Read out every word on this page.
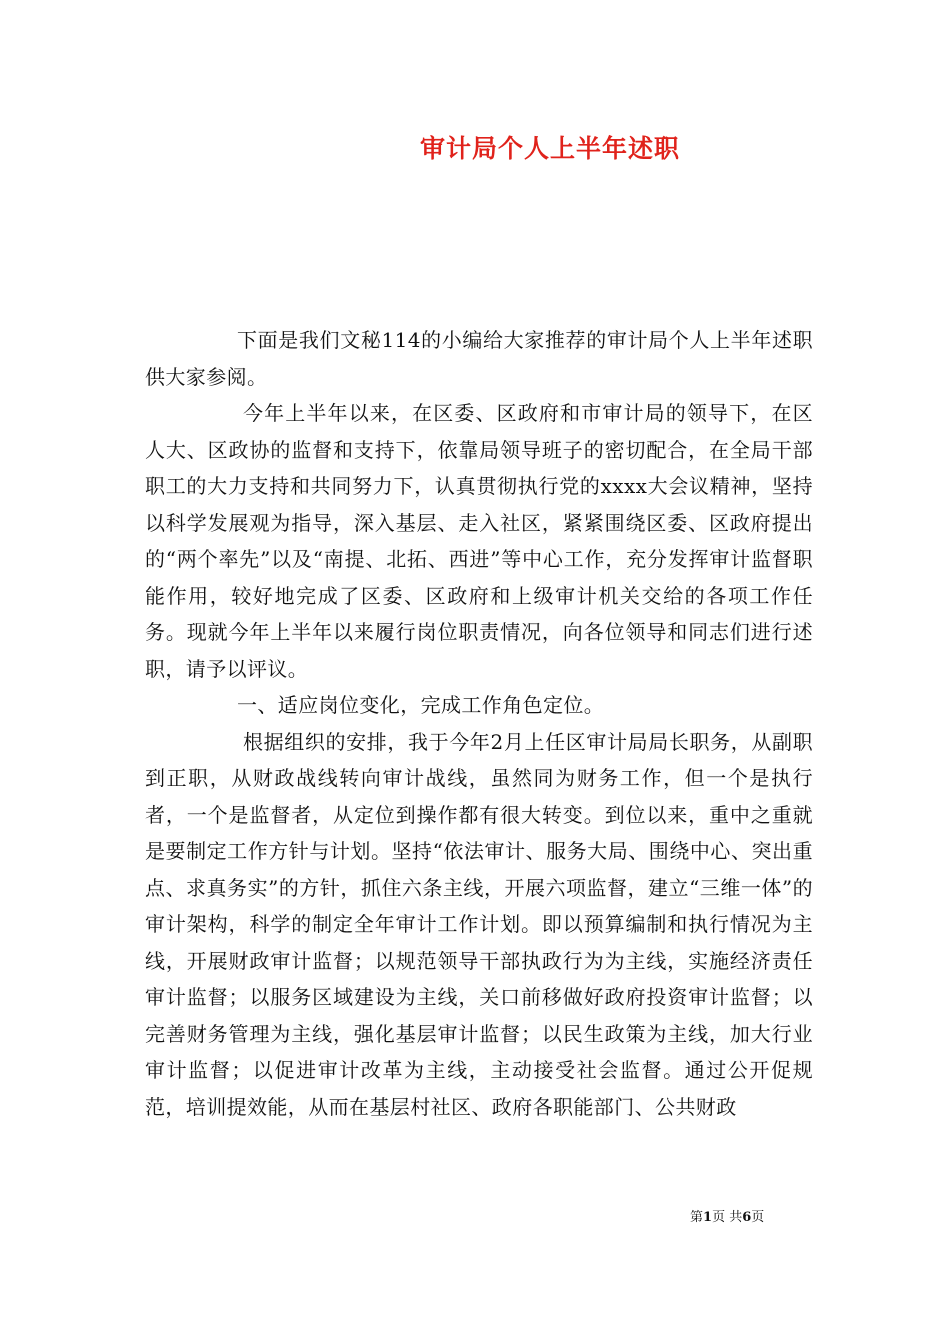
审计局个人上半年述职

下面是我们文秘114的小编给大家推荐的审计局个人上半年述职供大家参阅。

今年上半年以来，在区委、区政府和市审计局的领导下，在区人大、区政协的监督和支持下，依靠局领导班子的密切配合，在全局干部职工的大力支持和共同努力下，认真贯彻执行党的xxxx大会议精神，坚持以科学发展观为指导，深入基层、走入社区，紧紧围绕区委、区政府提出的“两个率先”以及“南提、北拓、西进”等中心工作，充分发挥审计监督职能作用，较好地完成了区委、区政府和上级审计机关交给的各项工作任务。现就今年上半年以来履行岗位职责情况，向各位领导和同志们进行述职，请予以评议。

一、适应岗位变化，完成工作角色定位。

根据组织的安排，我于今年2月上任区审计局局长职务，从副职到正职，从财政战线转向审计战线，虽然同为财务工作，但一个是执行者，一个是监督者，从定位到操作都有很大转变。到位以来，重中之重就是要制定工作方针与计划。坚持“依法审计、服务大局、围绕中心、突出重点、求真务实”的方针，抓住六条主线，开展六项监督，建立“三维一体”的审计架构，科学的制定全年审计工作计划。即以预算编制和执行情况为主线，开展财政审计监督；以规范领导干部执政行为为主线，实施经济责任审计监督；以服务区域建设为主线，关口前移做好政府投资审计监督；以完善财务管理为主线，强化基层审计监督；以民生政策为主线，加大行业审计监督；以促进审计改革为主线，主动接受社会监督。通过公开促规范，培训提效能，从而在基层村社区、政府各职能部门、公共财政

第1页 共6页
